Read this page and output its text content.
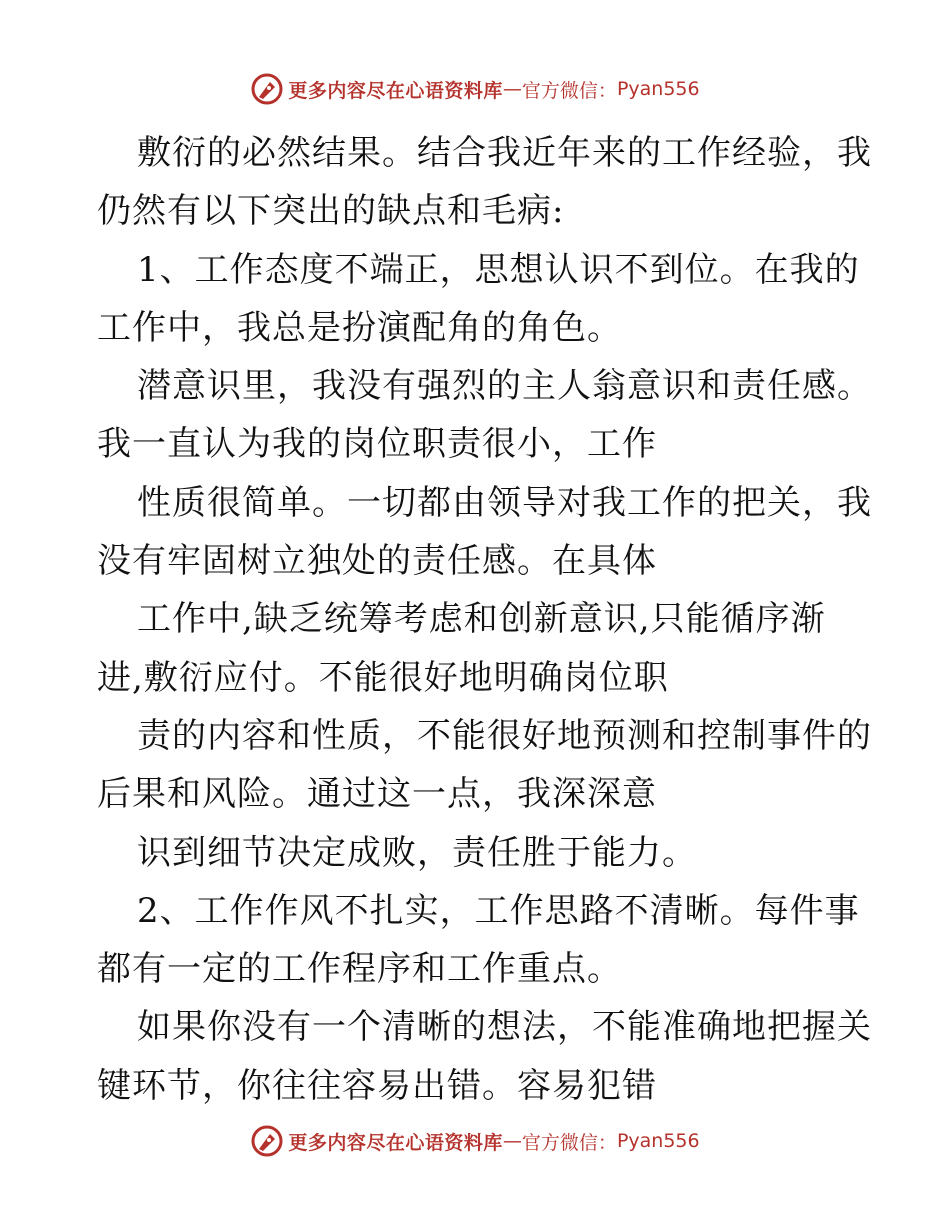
更多内容尽在心语资料库 — 官方微信： Pyan556
敷衍的必然结果。结合我近年来的工作经验，我
仍然有以下突出的缺点和毛病:
1、工作态度不端正，思想认识不到位。在我的
工作中，我总是扮演配角的角色。
潜意识里，我没有强烈的主人翁意识和责任感。
我一直认为我的岗位职责很小，工作
性质很简单。一切都由领导对我工作的把关，我
没有牢固树立独处的责任感。在具体
工作中,缺乏统筹考虑和创新意识,只能循序渐
进,敷衍应付。不能很好地明确岗位职
责的内容和性质，不能很好地预测和控制事件的
后果和风险。通过这一点，我深深意
识到细节决定成败，责任胜于能力。
2、工作作风不扎实，工作思路不清晰。每件事
都有一定的工作程序和工作重点。
如果你没有一个清晰的想法，不能准确地把握关
键环节，你往往容易出错。容易犯错
更多内容尽在心语资料库 — 官方微信： Pyan556
